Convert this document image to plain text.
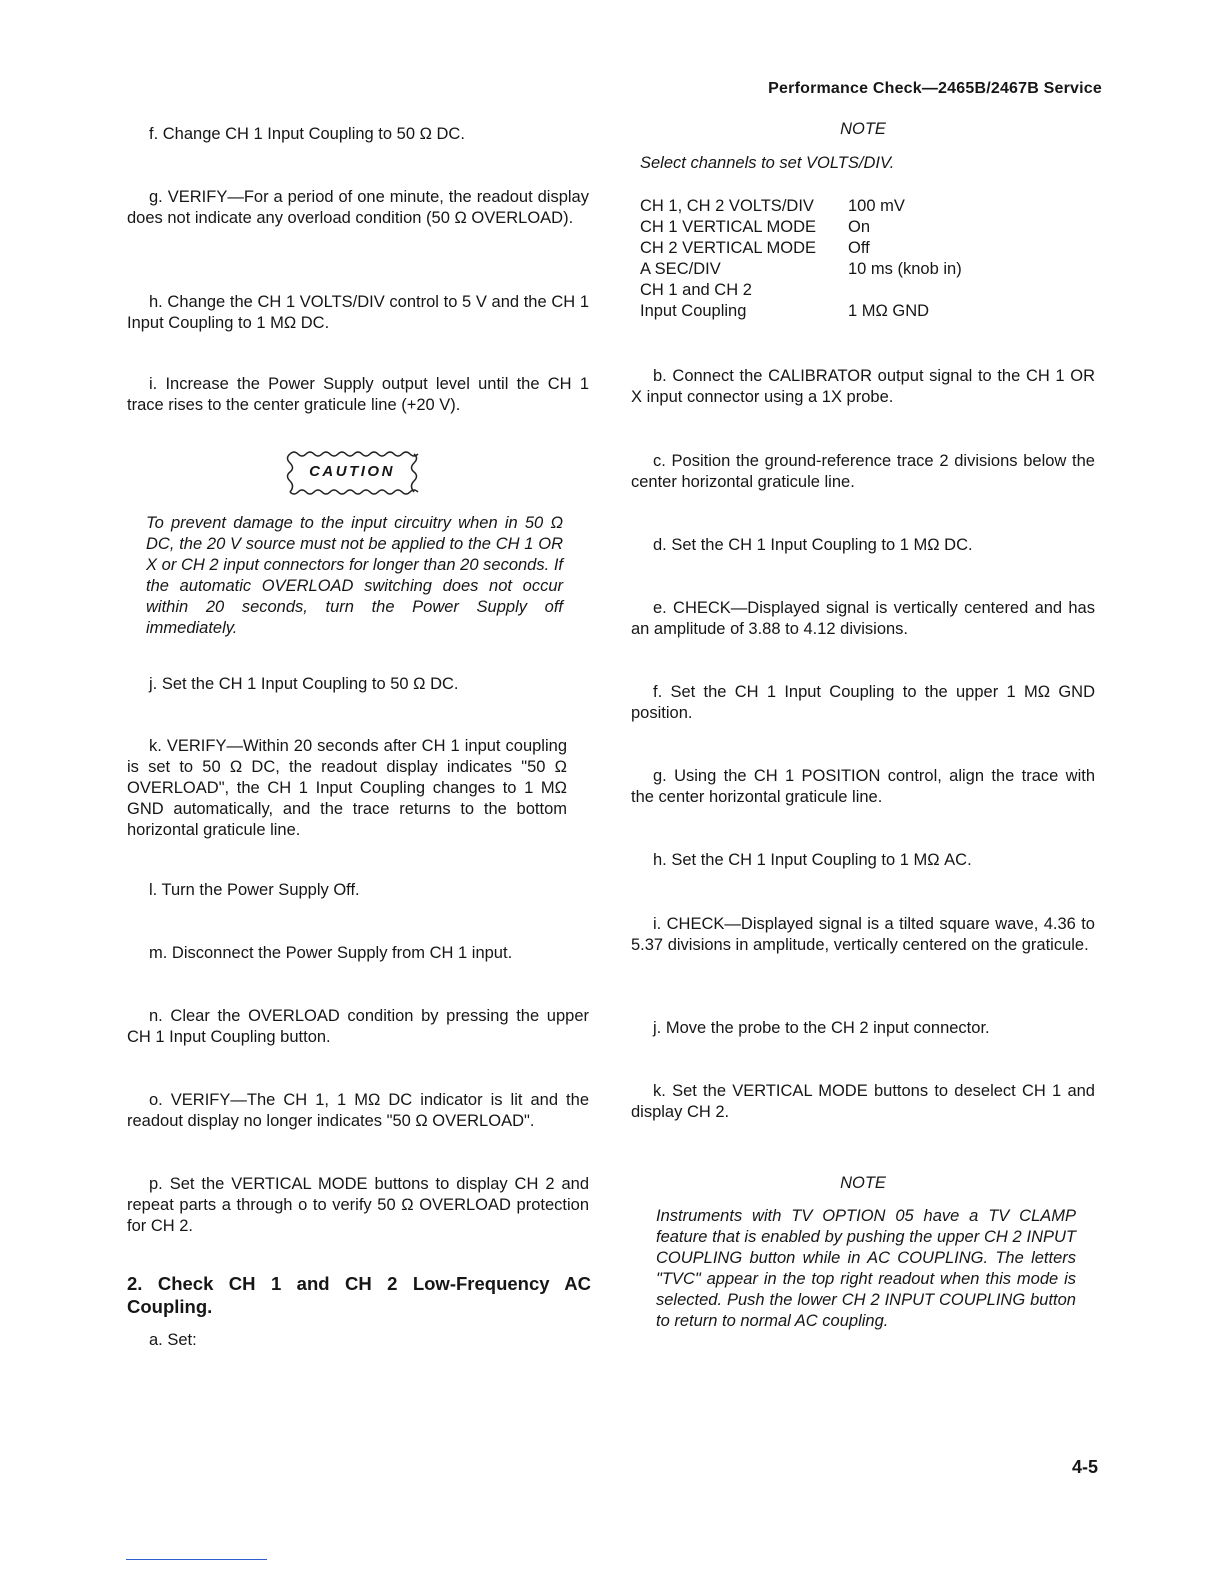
Performance Check—2465B/2467B Service
f. Change CH 1 Input Coupling to 50 Ω DC.
g. VERIFY—For a period of one minute, the readout display does not indicate any overload condition (50 Ω OVERLOAD).
h. Change the CH 1 VOLTS/DIV control to 5 V and the CH 1 Input Coupling to 1 MΩ DC.
i. Increase the Power Supply output level until the CH 1 trace rises to the center graticule line (+20 V).
CAUTION
To prevent damage to the input circuitry when in 50 Ω DC, the 20 V source must not be applied to the CH 1 OR X or CH 2 input connectors for longer than 20 seconds. If the automatic OVERLOAD switching does not occur within 20 seconds, turn the Power Supply off immediately.
j. Set the CH 1 Input Coupling to 50 Ω DC.
k. VERIFY—Within 20 seconds after CH 1 input coupling is set to 50 Ω DC, the readout display indicates "50 Ω OVERLOAD", the CH 1 Input Coupling changes to 1 MΩ GND automatically, and the trace returns to the bottom horizontal graticule line.
l. Turn the Power Supply Off.
m. Disconnect the Power Supply from CH 1 input.
n. Clear the OVERLOAD condition by pressing the upper CH 1 Input Coupling button.
o. VERIFY—The CH 1, 1 MΩ DC indicator is lit and the readout display no longer indicates "50 Ω OVERLOAD".
p. Set the VERTICAL MODE buttons to display CH 2 and repeat parts a through o to verify 50 Ω OVERLOAD protection for CH 2.
2. Check CH 1 and CH 2 Low-Frequency AC Coupling.
a. Set:
NOTE
Select channels to set VOLTS/DIV.
CH 1, CH 2 VOLTS/DIV 100 mV
CH 1 VERTICAL MODE On
CH 2 VERTICAL MODE Off
A SEC/DIV	10 ms (knob in)
CH 1 and CH 2
Input Coupling	1 MΩ GND
b. Connect the CALIBRATOR output signal to the CH 1 OR X input connector using a 1X probe.
c. Position the ground-reference trace 2 divisions below the center horizontal graticule line.
d. Set the CH 1 Input Coupling to 1 MΩ DC.
e. CHECK—Displayed signal is vertically centered and has an amplitude of 3.88 to 4.12 divisions.
f. Set the CH 1 Input Coupling to the upper 1 MΩ GND position.
g. Using the CH 1 POSITION control, align the trace with the center horizontal graticule line.
h. Set the CH 1 Input Coupling to 1 MΩ AC.
i. CHECK—Displayed signal is a tilted square wave, 4.36 to 5.37 divisions in amplitude, vertically centered on the graticule.
j. Move the probe to the CH 2 input connector.
k. Set the VERTICAL MODE buttons to deselect CH 1 and display CH 2.
NOTE
Instruments with TV OPTION 05 have a TV CLAMP feature that is enabled by pushing the upper CH 2 INPUT COUPLING button while in AC COUPLING. The letters "TVC" appear in the top right readout when this mode is selected. Push the lower CH 2 INPUT COUPLING button to return to normal AC coupling.
4-5
